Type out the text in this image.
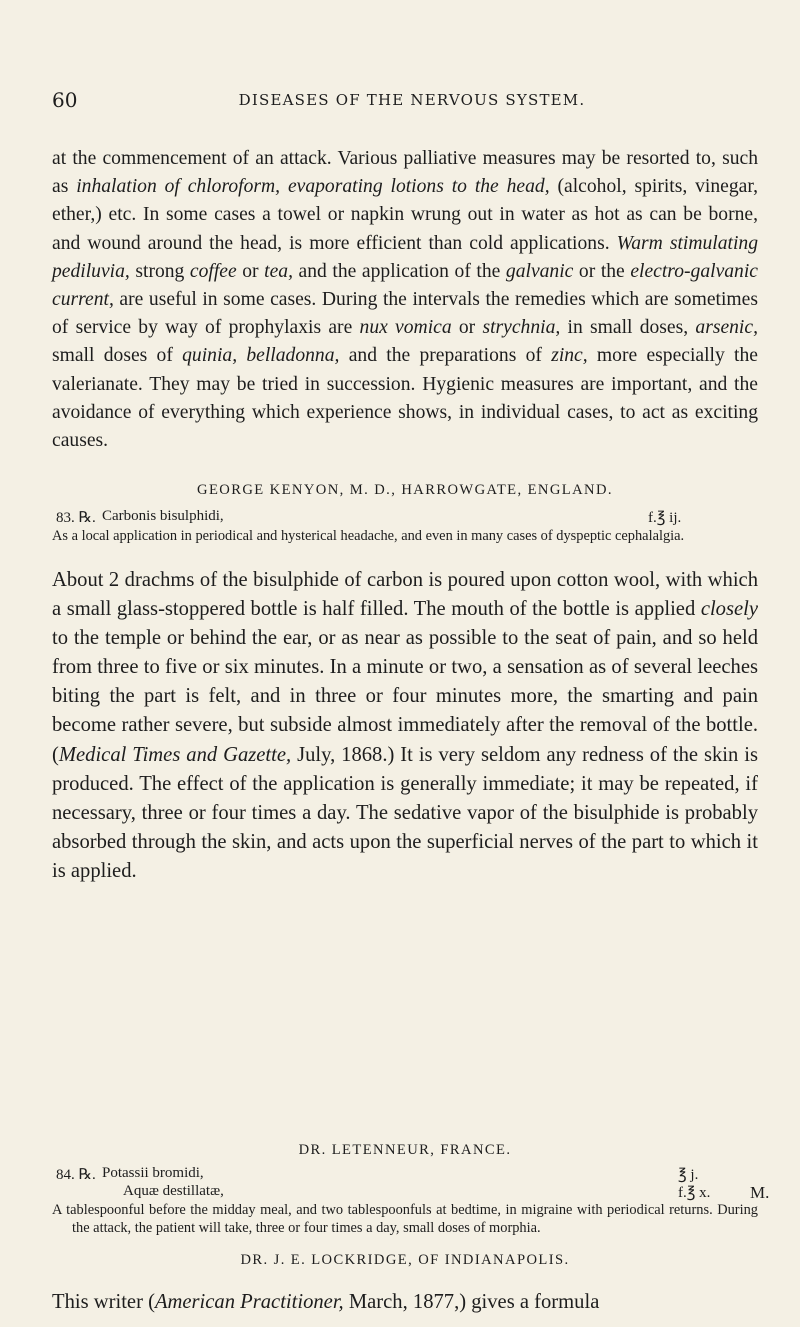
60	DISEASES OF THE NERVOUS SYSTEM.

at the commencement of an attack. Various palliative measures may be resorted to, such as inhalation of chloroform, evaporating lotions to the head, (alcohol, spirits, vinegar, ether,) etc. In some cases a towel or napkin wrung out in water as hot as can be borne, and wound around the head, is more efficient than cold applications. Warm stimulating pediluvia, strong coffee or tea, and the application of the galvanic or the electro-galvanic current, are useful in some cases. During the intervals the remedies which are sometimes of service by way of prophylaxis are nux vomica or strychnia, in small doses, arsenic, small doses of quinia, belladonna, and the preparations of zinc, more especially the valerianate. They may be tried in succession. Hygienic measures are important, and the avoidance of everything which experience shows, in individual cases, to act as exciting causes.

GEORGE KENYON, M. D., HARROWGATE, ENGLAND.
83. ℞. Carbonis bisulphidi,	f.℥ ij.

As a local application in periodical and hysterical headache, and even in many cases of dyspeptic cephalalgia.

About 2 drachms of the bisulphide of carbon is poured upon cotton wool, with which a small glass-stoppered bottle is half filled. The mouth of the bottle is applied closely to the temple or behind the ear, or as near as possible to the seat of pain, and so held from three to five or six minutes. In a minute or two, a sensation as of several leeches biting the part is felt, and in three or four minutes more, the smarting and pain become rather severe, but subside almost immediately after the removal of the bottle. (Medical Times and Gazette, July, 1868.) It is very seldom any redness of the skin is produced. The effect of the application is generally immediate; it may be repeated, if necessary, three or four times a day. The sedative vapor of the bisulphide is probably absorbed through the skin, and acts upon the superficial nerves of the part to which it is applied.

DR. LETENNEUR, FRANCE.
84. ℞. Potassii bromidi,	℥ j.
Aquæ destillatæ,	f.℥ x. M.

A tablespoonful before the midday meal, and two tablespoonfuls at bedtime, in migraine with periodical returns. During the attack, the patient will take, three or four times a day, small doses of morphia.

DR. J. E. LOCKRIDGE, OF INDIANAPOLIS.

This writer (American Practitioner, March, 1877,) gives a formula
